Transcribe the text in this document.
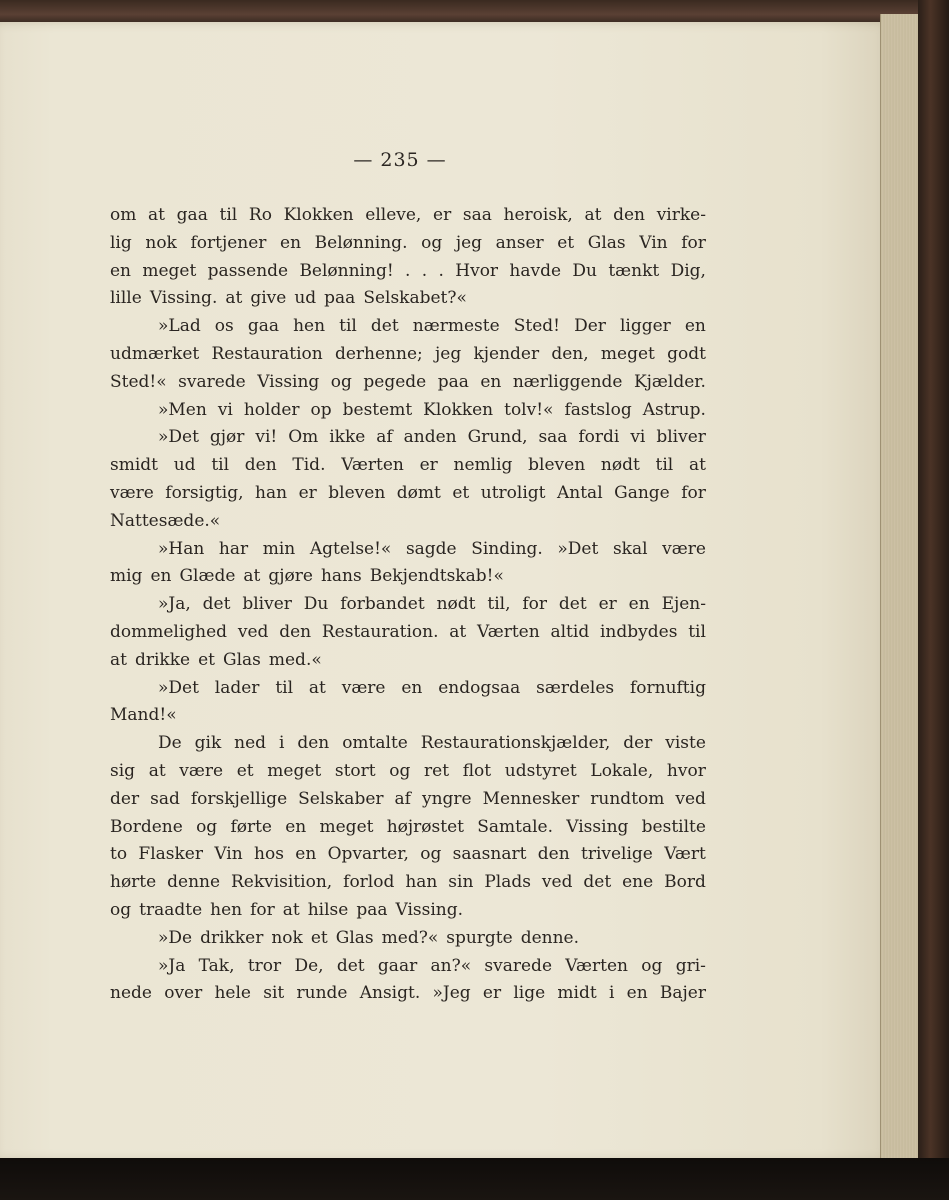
— 235 —
om at gaa til Ro Klokken elleve, er saa heroisk, at den virke-
lig nok fortjener en Belønning. og jeg anser et Glas Vin for
en meget passende Belønning! . . . Hvor havde Du tænkt Dig,
lille Vissing. at give ud paa Selskabet?«
»Lad os gaa hen til det nærmeste Sted! Der ligger en
udmærket Restauration derhenne; jeg kjender den, meget godt
Sted!« svarede Vissing og pegede paa en nærliggende Kjælder.
»Men vi holder op bestemt Klokken tolv!« fastslog Astrup.
»Det gjør vi! Om ikke af anden Grund, saa fordi vi bliver
smidt ud til den Tid. Værten er nemlig bleven nødt til at
være forsigtig, han er bleven dømt et utroligt Antal Gange for
Nattesæde.«
»Han har min Agtelse!« sagde Sinding. »Det skal være
mig en Glæde at gjøre hans Bekjendtskab!«
»Ja, det bliver Du forbandet nødt til, for det er en Ejen-
dommelighed ved den Restauration. at Værten altid indbydes til
at drikke et Glas med.«
»Det lader til at være en endogsaa særdeles fornuftig
Mand!«
De gik ned i den omtalte Restaurationskjælder, der viste
sig at være et meget stort og ret flot udstyret Lokale, hvor
der sad forskjellige Selskaber af yngre Mennesker rundtom ved
Bordene og førte en meget højrøstet Samtale. Vissing bestilte
to Flasker Vin hos en Opvarter, og saasnart den trivelige Vært
hørte denne Rekvisition, forlod han sin Plads ved det ene Bord
og traadte hen for at hilse paa Vissing.
»De drikker nok et Glas med?« spurgte denne.
»Ja Tak, tror De, det gaar an?« svarede Værten og gri-
nede over hele sit runde Ansigt. »Jeg er lige midt i en Bajer
